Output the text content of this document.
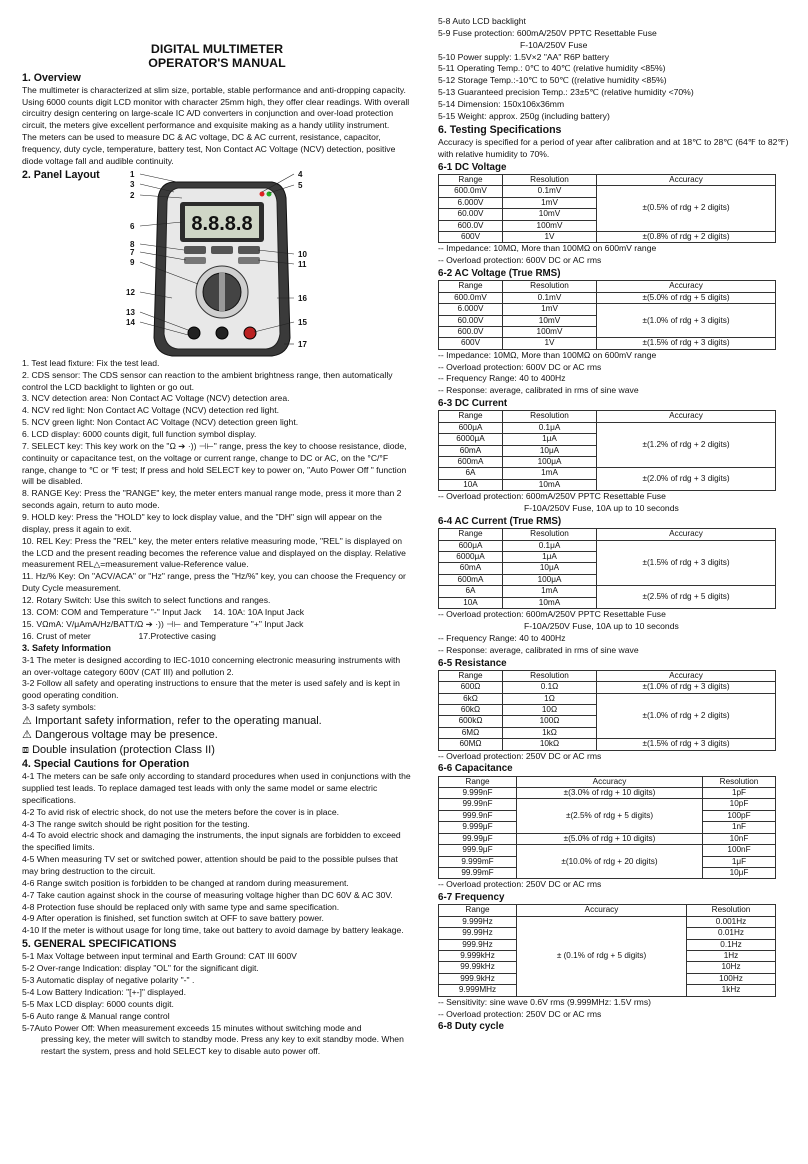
DIGITAL MULTIMETER
OPERATOR'S MANUAL
1. Overview

The multimeter is characterized at slim size, portable, stable performance and anti-dropping capacity. Using 6000 counts digit LCD monitor with character 25mm high, they offer clear readings. With overall circuitry design centering on large-scale IC A/D converters in conjunction and over-load protection circuit, the meters give excellent performance and exquisite making as a handy utility instrument.

The meters can be used to measure DC & AC voltage, DC & AC current, resistance, capacitor, frequency, duty cycle, temperature, battery test, Non Contact AC Voltage (NCV) detection, positive diode voltage fall and audible continuity.

2. Panel Layout
8.8.8.8
1
3
2
6
8
7
9
12
13
14
4
5
10
11
16
15
17

1. Test lead fixture: Fix the test lead.

2. CDS sensor: The CDS sensor can reaction to the ambient brightness range, then automatically control the LCD backlight to lighten or go out.

3. NCV detection area: Non Contact AC Voltage (NCV) detection area.

4. NCV red light: Non Contact AC Voltage (NCV) detection red light.

5. NCV green light: Non Contact AC Voltage (NCV) detection green light.

6. LCD display: 6000 counts digit, full function symbol display.

7. SELECT key: This key work on the "Ω ➔ ·)) ⊣⊢" range, press the key to choose resistance, diode, continuity or capacitance test, on the voltage or current range, change to DC or AC, on the °C/°F range, change to ℃ or ℉ test; If press and hold SELECT key to power on, "Auto Power Off " function will be disabled.

8. RANGE Key: Press the "RANGE" key, the meter enters manual range mode, press it more than 2 seconds again, return to auto mode.

9. HOLD key: Press the "HOLD" key to lock display value, and the "DH" sign will appear on the display, press it again to exit.

10. REL Key: Press the "REL" key, the meter enters relative measuring mode, "REL" is displayed on the LCD and the present reading becomes the reference value and displayed on the display. Relative measurement REL△=measurement value-Reference value.

11. Hz/% Key: On "ACV/ACA" or "Hz" range, press the "Hz/%" key, you can choose the Frequency or Duty Cycle measurement.

12. Rotary Switch: Use this switch to select functions and ranges.

13. COM: COM and Temperature "-" Input Jack     14. 10A: 10A Input Jack

15. VΩmA: V/μAmA/Hz/BATT/Ω ➔ ·)) ⊣⊢ and Temperature "+" Input Jack

16. Crust of meter                    17.Protective casing

3. Safety Information

3-1 The meter is designed according to IEC-1010 concerning electronic measuring instruments with an over-voltage category 600V (CAT III) and pollution 2.

3-2 Follow all safety and operating instructions to ensure that the meter is used safely and is kept in good operating condition.

3-3 safety symbols:

⚠ Important safety information, refer to the operating manual.

⚠ Dangerous voltage may be presence.

⧈ Double insulation (protection Class II)

4. Special Cautions for Operation

4-1 The meters can be safe only according to standard procedures when used in conjunctions with the supplied test leads. To replace damaged test leads with only the same model or same electric specifications.

4-2 To avid risk of electric shock, do not use the meters before the cover is in place.

4-3 The range switch should be right position for the testing.

4-4 To avoid electric shock and damaging the instruments, the input signals are forbidden to exceed the specified limits.

4-5 When measuring TV set or switched power, attention should be paid to the possible pulses that may bring destruction to the circuit.

4-6 Range switch position is forbidden to be changed at random during measurement.

4-7 Take caution against shock in the course of measuring voltage higher than DC 60V & AC 30V.

4-8 Protection fuse should be replaced only with same type and same specification.

4-9 After operation is finished, set function switch at OFF to save battery power.

4-10 If the meter is without usage for long time, take out battery to avoid damage by battery leakage.

5. GENERAL SPECIFICATIONS

5-1 Max Voltage between input terminal and Earth Ground: CAT III 600V

5-2 Over-range Indication: display "OL" for the significant digit.

5-3 Automatic display of negative polarity "-" .

5-4 Low Battery Indication: "[+-]" displayed.

5-5 Max LCD display: 6000 counts digit.

5-6 Auto range & Manual range control

5-7Auto Power Off: When measurement exceeds 15 minutes without switching mode and

pressing key, the meter will switch to standby mode. Press any key to exit standby mode. When restart the system, press and hold SELECT key to disable auto power off.

5-8 Auto LCD backlight

5-9 Fuse protection: 600mA/250V PPTC Resettable Fuse

F-10A/250V Fuse

5-10 Power supply: 1.5V×2 "AA" R6P battery

5-11 Operating Temp.: 0℃ to 40℃ (relative humidity <85%)

5-12 Storage Temp.:-10℃ to 50℃ ((relative humidity <85%)

5-13 Guaranteed precision Temp.: 23±5℃ (relative humidity <70%)

5-14 Dimension: 150x106x36mm

5-15 Weight: approx. 250g (including battery)

6. Testing Specifications

Accuracy is specified for a period of year after calibration and at 18℃ to 28℃ (64℉ to 82℉) with relative humidity to 70%.

6-1 DC Voltage
Range	Resolution	Accuracy
600.0mV	0.1mV	±(0.5% of rdg + 2 digits)
6.000V	1mV	
60.00V	10mV	
600.0V	100mV	
600V	1V	±(0.8% of rdg + 2 digits)

-- Impedance: 10MΩ, More than 100MΩ on 600mV range

-- Overload protection: 600V DC or AC rms

6-2 AC Voltage (True RMS)
Range	Resolution	Accuracy
600.0mV	0.1mV	±(5.0% of rdg + 5 digits)
6.000V	1mV	±(1.0% of rdg + 3 digits)
60.00V	10mV	
600.0V	100mV	
600V	1V	±(1.5% of rdg + 3 digits)

-- Impedance: 10MΩ, More than 100MΩ on 600mV range

-- Overload protection: 600V DC or AC rms

-- Frequency Range: 40 to 400Hz

-- Response: average, calibrated in rms of sine wave

6-3 DC Current
Range	Resolution	Accuracy
600μA	0.1μA	±(1.2% of rdg + 2 digits)
6000μA	1μA	
60mA	10μA	
600mA	100μA	
6A	1mA	±(2.0% of rdg + 3 digits)
10A	10mA	

-- Overload protection: 600mA/250V PPTC Resettable Fuse

F-10A/250V Fuse, 10A up to 10 seconds

6-4 AC Current (True RMS)
Range	Resolution	Accuracy
600μA	0.1μA	±(1.5% of rdg + 3 digits)
6000μA	1μA	
60mA	10μA	
600mA	100μA	
6A	1mA	±(2.5% of rdg + 5 digits)
10A	10mA	

-- Overload protection: 600mA/250V PPTC Resettable Fuse

F-10A/250V Fuse, 10A up to 10 seconds

-- Frequency Range: 40 to 400Hz

-- Response: average, calibrated in rms of sine wave

6-5 Resistance
Range	Resolution	Accuracy
600Ω	0.1Ω	±(1.0% of rdg + 3 digits)
6kΩ	1Ω	±(1.0% of rdg + 2 digits)
60kΩ	10Ω	
600kΩ	100Ω	
6MΩ	1kΩ	
60MΩ	10kΩ	±(1.5% of rdg + 3 digits)

-- Overload protection: 250V DC or AC rms

6-6 Capacitance
Range	Accuracy	Resolution
9.999nF	±(3.0% of rdg + 10 digits)	1pF
99.99nF	±(2.5% of rdg + 5 digits)	10pF
999.9nF		100pF
9.999μF		1nF
99.99μF	±(5.0% of rdg + 10 digits)	10nF
999.9μF	±(10.0% of rdg + 20 digits)	100nF
9.999mF		1μF
99.99mF		10μF

-- Overload protection: 250V DC or AC rms

6-7 Frequency
Range	Accuracy	Resolution
9.999Hz	± (0.1% of rdg + 5 digits)	0.001Hz
99.99Hz		0.01Hz
999.9Hz		0.1Hz
9.999kHz		1Hz
99.99kHz		10Hz
999.9kHz		100Hz
9.999MHz		1kHz

-- Sensitivity: sine wave 0.6V rms (9.999MHz: 1.5V rms)

-- Overload protection: 250V DC or AC rms

6-8 Duty cycle
